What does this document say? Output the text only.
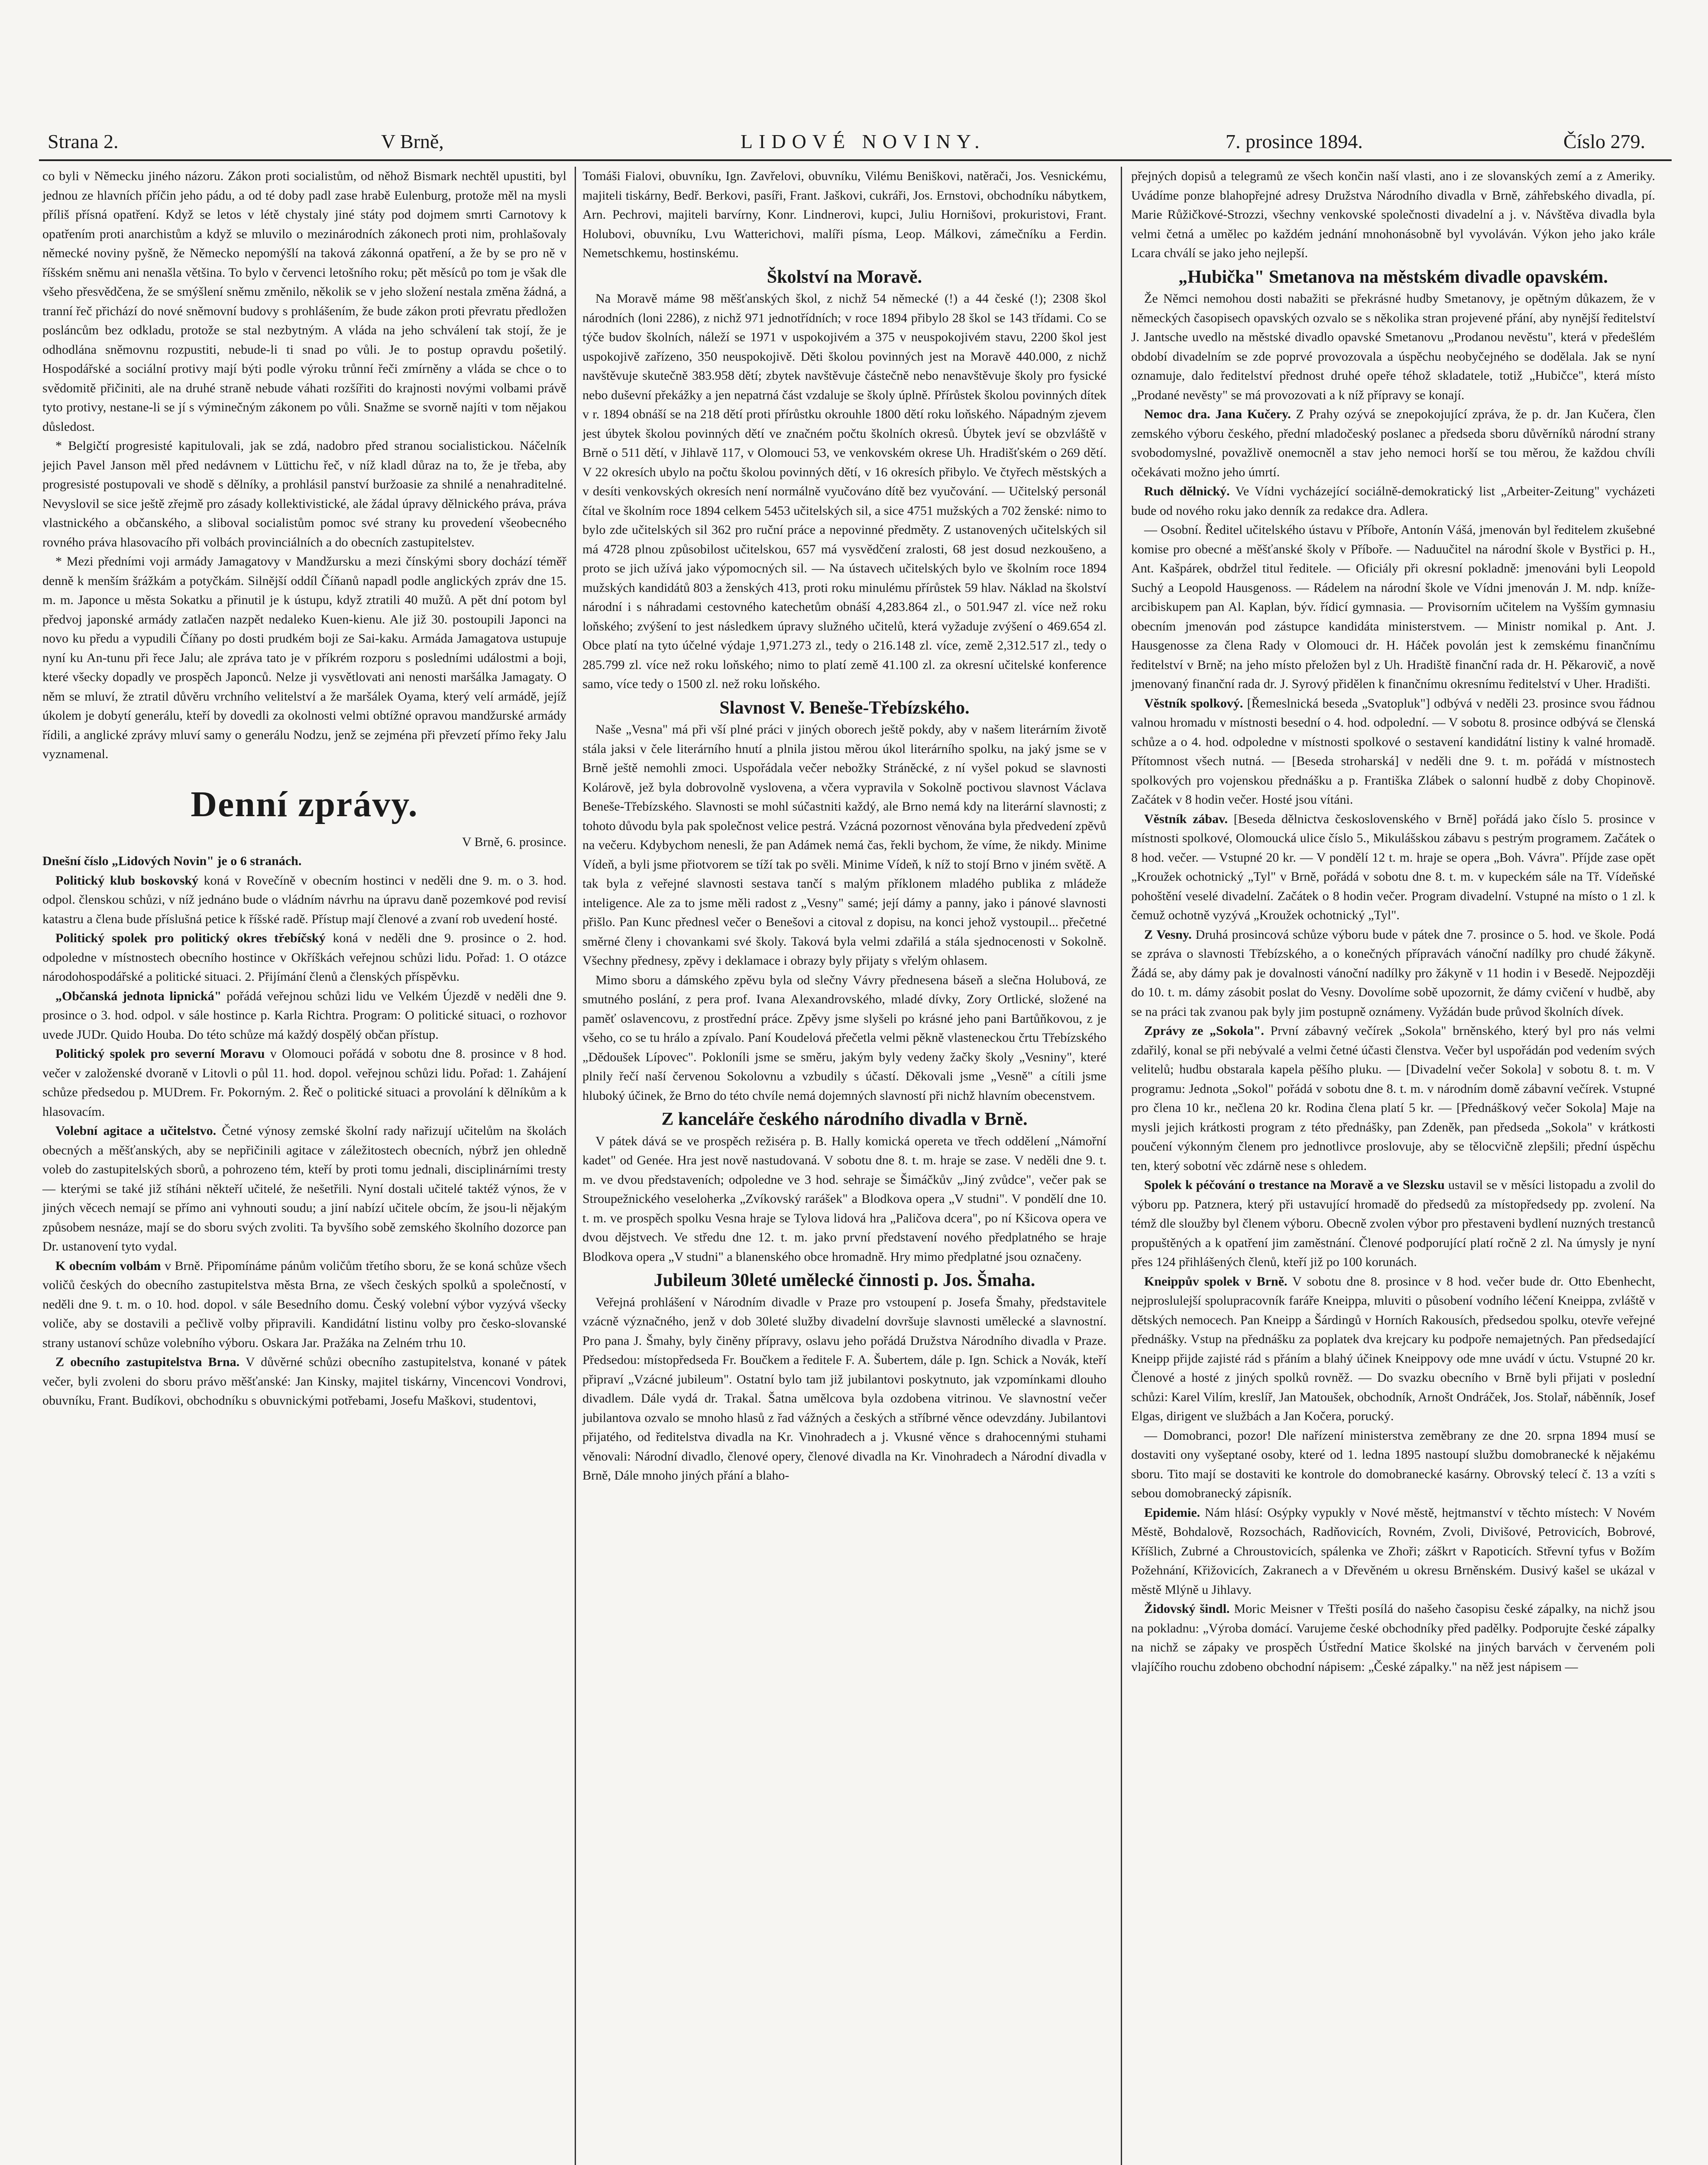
Strana 2.	V Brně,	LIDOVÉ NOVINY.	7. prosince 1894.	Číslo 279.

co byli v Německu jiného názoru. Zákon proti socialistům, od něhož Bismark nechtěl upustiti, byl jednou ze hlavních příčin jeho pádu, a od té doby padl zase hrabě Eulenburg, protože měl na mysli příliš přísná opatření. Když se letos v létě chystaly jiné státy pod dojmem smrti Carnotovy k opatřením proti anarchistům a když se mluvilo o mezinárodních zákonech proti nim, prohlašovaly německé noviny pyšně, že Německo nepomýšlí na taková zákonná opatření, a že by se pro ně v říšském sněmu ani nenašla většina. To bylo v červenci letošního roku; pět měsíců po tom je však dle všeho přesvědčena, že se smýšlení sněmu změnilo, několik se v jeho složení nestala změna žádná, a tranní řeč přichází do nové sněmovní budovy s prohlášením, že bude zákon proti převratu předložen posláncům bez odkladu, protože se stal nezbytným. A vláda na jeho schválení tak stojí, že je odhodlána sněmovnu rozpustiti, nebude-li ti snad po vůli. Je to postup opravdu pošetilý. Hospodářské a sociální protivy mají býti podle výroku trůnní řeči zmírněny a vláda se chce o to svědomitě přičiniti, ale na druhé straně nebude váhati rozšířiti do krajnosti novými volbami právě tyto protivy, nestane-li se jí s výminečným zákonem po vůli. Snažme se svorně najíti v tom nějakou důsledost.

* Belgičtí progresisté kapitulovali, jak se zdá, nadobro před stranou socialistickou. Náčelník jejich Pavel Janson měl před nedávnem v Lüttichu řeč, v níž kladl důraz na to, že je třeba, aby progresisté postupovali ve shodě s dělníky, a prohlásil panství buržoasie za shnilé a nenahraditelné. Nevyslovil se sice ještě zřejmě pro zásady kollektivistické, ale žádal úpravy dělnického práva, práva vlastnického a občanského, a sliboval socialistům pomoc své strany ku provedení všeobecného rovného práva hlasovacího při volbách provinciálních a do obecních zastupitelstev.

* Mezi předními voji armády Jamagatovy v Mandžursku a mezi čínskými sbory dochází téměř denně k menším šrážkám a potyčkám. Silnější oddíl Číňanů napadl podle anglických zpráv dne 15. m. m. Japonce u města Sokatku a přinutil je k ústupu, když ztratili 40 mužů. A pět dní potom byl předvoj japonské armády zatlačen nazpět nedaleko Kuen-kienu. Ale již 30. postoupili Japonci na novo ku předu a vypudili Číňany po dosti prudkém boji ze Sai-kaku. Armáda Jamagatova ustupuje nyní ku An-tunu při řece Jalu; ale zpráva tato je v příkrém rozporu s posledními událostmi a boji, které všecky dopadly ve prospěch Japonců. Nelze ji vysvětlovati ani nenosti maršálka Jamagaty. O něm se mluví, že ztratil důvěru vrchního velitelství a že maršálek Oyama, který velí armádě, jejíž úkolem je dobytí generálu, kteří by dovedli za okolnosti velmi obtížné opravou mandžurské armády řídili, a anglické zprávy mluví samy o generálu Nodzu, jenž se zejména při převzetí přímo řeky Jalu vyznamenal.

Denní zprávy.
V Brně, 6. prosince.

Dnešní číslo „Lidových Novin" je o 6 stranách.

Politický klub boskovský koná v Rovečíně v obecním hostinci v neděli dne 9. m. o 3. hod. odpol. členskou schůzi, v níž jednáno bude o vládním návrhu na úpravu daně pozemkové pod revisí katastru a člena bude příslušná petice k říšské radě. Přístup mají členové a zvaní rob uvedení hosté.

Politický spolek pro politický okres třebíčský koná v neděli dne 9. prosince o 2. hod. odpoledne v místnostech obecního hostince v Okříškách veřejnou schůzi lidu. Pořad: 1. O otázce národohospodářské a politické situaci. 2. Přijímání členů a členských příspěvku.

„Občanská jednota lipnická" pořádá veřejnou schůzi lidu ve Velkém Újezdě v neděli dne 9. prosince o 3. hod. odpol. v sále hostince p. Karla Richtra. Program: O politické situaci, o rozhovor uvede JUDr. Quido Houba. Do této schůze má každý dospělý občan přístup.

Politický spolek pro severní Moravu v Olomouci pořádá v sobotu dne 8. prosince v 8 hod. večer v založenské dvoraně v Litovli o půl 11. hod. dopol. veřejnou schůzi lidu. Pořad: 1. Zahájení schůze předsedou p. MUDrem. Fr. Pokorným. 2. Řeč o politické situaci a provolání k dělníkům a k hlasovacím.

Volební agitace a učitelstvo. Četné výnosy zemské školní rady nařizují učitelům na školách obecných a měšťanských, aby se nepřičinili agitace v záležitostech obecních, nýbrž jen ohledně voleb do zastupitelských sborů, a pohrozeno tém, kteří by proti tomu jednali, disciplinárními tresty — kterými se také již stíháni někteří učitelé, že nešetřili. Nyní dostali učitelé taktéž výnos, že v jiných věcech nemají se přímo ani vyhnouti soudu; a jiní nabízí učitele obcím, že jsou-li nějakým způsobem nesnáze, mají se do sboru svých zvoliti. Ta byvšího sobě zemského školního dozorce pan Dr. ustanovení tyto vydal.

K obecním volbám v Brně. Připomínáme pánům voličům třetího sboru, že se koná schůze všech voličů českých do obecního zastupitelstva města Brna, ze všech českých spolků a společností, v neděli dne 9. t. m. o 10. hod. dopol. v sále Besedního domu. Český volební výbor vyzývá všecky voliče, aby se dostavili a pečlivě volby připravili. Kandidátní listinu volby pro česko-slovanské strany ustanoví schůze volebního výboru. Oskara Jar. Pražáka na Zelném trhu 10.

Z obecního zastupitelstva Brna. V důvěrné schůzi obecního zastupitelstva, konané v pátek večer, byli zvoleni do sboru právo měšťanské: Jan Kinsky, majitel tiskárny, Vincencovi Vondrovi, obuvníku, Frant. Budíkovi, obchodníku s obuvnickými potřebami, Josefu Maškovi, studentovi,

Tomáši Fialovi, obuvníku, Ign. Zavřelovi, obuvníku, Vilému Beniškovi, natěrači, Jos. Vesnickému, majiteli tiskárny, Bedř. Berkovi, pasíři, Frant. Jaškovi, cukráři, Jos. Ernstovi, obchodníku nábytkem, Arn. Pechrovi, majiteli barvírny, Konr. Lindnerovi, kupci, Juliu Hornišovi, prokuristovi, Frant. Holubovi, obuvníku, Lvu Watterichovi, malíři písma, Leop. Málkovi, zámečníku a Ferdin. Nemetschkemu, hostinskému.

Školství na Moravě.

Na Moravě máme 98 měšťanských škol, z nichž 54 německé (!) a 44 české (!); 2308 škol národních (loni 2286), z nichž 971 jednotřídních; v roce 1894 přibylo 28 škol se 143 třídami. Co se týče budov školních, náleží se 1971 v uspokojivém a 375 v neuspokojivém stavu, 2200 škol jest uspokojivě zařízeno, 350 neuspokojivě. Děti školou povinných jest na Moravě 440.000, z nichž navštěvuje skutečně 383.958 dětí; zbytek navštěvuje částečně nebo nenavštěvuje školy pro fysické nebo duševní překážky a jen nepatrná část vzdaluje se školy úplně. Přírůstek školou povinných dítek v r. 1894 obnáší se na 218 dětí proti přírůstku okrouhle 1800 dětí roku loňského. Nápadným zjevem jest úbytek školou povinných dětí ve značném počtu školních okresů. Úbytek jeví se obzvláště v Brně o 511 dětí, v Jihlavě 117, v Olomouci 53, ve venkovském okrese Uh. Hradišťském o 269 dětí. V 22 okresích ubylo na počtu školou povinných dětí, v 16 okresích přibylo. Ve čtyřech městských a v desíti venkovských okresích není normálně vyučováno dítě bez vyučování. — Učitelský personál čítal ve školním roce 1894 celkem 5453 učitelských sil, a sice 4751 mužských a 702 ženské: nimo to bylo zde učitelských sil 362 pro ruční práce a nepovinné předměty. Z ustanovených učitelských sil má 4728 plnou způsobilost učitelskou, 657 má vysvědčení zralosti, 68 jest dosud nezkoušeno, a proto se jich užívá jako výpomocných sil. — Na ústavech učitelských bylo ve školním roce 1894 mužských kandidátů 803 a ženských 413, proti roku minulému přírůstek 59 hlav. Náklad na školství národní i s náhradami cestovného katechetům obnáší 4,283.864 zl., o 501.947 zl. více než roku loňského; zvýšení to jest následkem úpravy služného učitelů, která vyžaduje zvýšení o 469.654 zl. Obce platí na tyto účelné výdaje 1,971.273 zl., tedy o 216.148 zl. více, země 2,312.517 zl., tedy o 285.799 zl. více než roku loňského; nimo to platí země 41.100 zl. za okresní učitelské konference samo, více tedy o 1500 zl. než roku loňského.

Slavnost V. Beneše-Třebízského.

Naše „Vesna" má při vší plné práci v jiných oborech ještě pokdy, aby v našem literárním životě stála jaksi v čele literárního hnutí a plnila jistou měrou úkol literárního spolku, na jaký jsme se v Brně ještě nemohli zmoci. Uspořádala večer nebožky Stráněcké, z ní vyšel pokud se slavnosti Kolárově, jež byla dobrovolně vyslovena, a včera vypravila v Sokolně poctivou slavnost Václava Beneše-Třebízského. Slavnosti se mohl súčastniti každý, ale Brno nemá kdy na literární slavnosti; z tohoto důvodu byla pak společnost velice pestrá. Vzácná pozornost věnována byla předvedení zpěvů na večeru. Kdybychom nenesli, že pan Adámek nemá čas, řekli bychom, že víme, že nikdy. Minime Vídeň, a byli jsme přiotvorem se tíží tak po svěli. Minime Vídeň, k níž to stojí Brno v jiném světě. A tak byla z veřejné slavnosti sestava tančí s malým příklonem mladého publika z mládeže inteligence. Ale za to jsme měli radost z „Vesny" samé; její dámy a panny, jako i pánové slavnosti přišlo. Pan Kunc přednesl večer o Benešovi a citoval z dopisu, na konci jehož vystoupil... přečetné směrné členy i chovankami své školy. Taková byla velmi zdařilá a stála sjednocenosti v Sokolně. Všechny přednesy, zpěvy i deklamace i obrazy byly přijaty s vřelým ohlasem.

Mimo sboru a dámského zpěvu byla od slečny Vávry přednesena báseň a slečna Holubová, ze smutného poslání, z pera prof. Ivana Alexandrovského, mladé dívky, Zory Ortlické, složené na paměť oslavencovu, z prostřední práce. Zpěvy jsme slyšeli po krásné jeho pani Bartůňkovou, z je všeho, co se tu hrálo a zpívalo. Paní Koudelová přečetla velmi pěkně vlasteneckou črtu Třebízského „Dědoušek Lípovec". Pokloníli jsme se směru, jakým byly vedeny žačky školy „Vesniny", které plnily řečí naší červenou Sokolovnu a vzbudily s účastí. Děkovali jsme „Vesně" a cítili jsme hluboký účinek, že Brno do této chvíle nemá dojemných slavností při nichž hlavním obecenstvem.

Z kanceláře českého národního divadla v Brně.

V pátek dává se ve prospěch režiséra p. B. Hally komická opereta ve třech oddělení „Námořní kadet" od Genée. Hra jest nově nastudovaná. V sobotu dne 8. t. m. hraje se zase. V neděli dne 9. t. m. ve dvou představeních; odpoledne ve 3 hod. sehraje se Šimáčkův „Jiný zvůdce", večer pak se Stroupežnického veseloherka „Zvíkovský rarášek" a Blodkova opera „V studni". V pondělí dne 10. t. m. ve prospěch spolku Vesna hraje se Tylova lidová hra „Paličova dcera", po ní Kšicova opera ve dvou dějstvech. Ve středu dne 12. t. m. jako první představení nového předplatného se hraje Blodkova opera „V studni" a blanenského obce hromadně. Hry mimo předplatné jsou označeny.

Jubileum 30leté umělecké činnosti p. Jos. Šmaha.

Veřejná prohlášení v Národním divadle v Praze pro vstoupení p. Josefa Šmahy, představitele vzácně význačného, jenž v dob 30leté služby divadelní dovršuje slavnosti umělecké a slavnostní. Pro pana J. Šmahy, byly činěny přípravy, oslavu jeho pořádá Družstva Národního divadla v Praze. Předsedou: místopředseda Fr. Boučkem a ředitele F. A. Šubertem, dále p. Ign. Schick a Novák, kteří připraví „Vzácné jubileum". Ostatní bylo tam již jubilantovi poskytnuto, jak vzpomínkami dlouho divadlem. Dále vydá dr. Trakal. Šatna umělcova byla ozdobena vitrinou. Ve slavnostní večer jubilantova ozvalo se mnoho hlasů z řad vážných a českých a stříbrné věnce odevzdány. Jubilantovi přijatého, od ředitelstva divadla na Kr. Vinohradech a j. Vkusné věnce s drahocennými stuhami věnovali: Národní divadlo, členové opery, členové divadla na Kr. Vinohradech a Národní divadla v Brně, Dále mnoho jiných přání a blaho-

přejných dopisů a telegramů ze všech končin naší vlasti, ano i ze slovanských zemí a z Ameriky. Uvádíme ponze blahopřejné adresy Družstva Národního divadla v Brně, záhřebského divadla, pí. Marie Růžičkové-Strozzi, všechny venkovské společnosti divadelní a j. v. Návštěva divadla byla velmi četná a umělec po každém jednání mnohonásobně byl vyvoláván. Výkon jeho jako krále Lcara chválí se jako jeho nejlepší.

„Hubička" Smetanova na městském divadle opavském.

Že Němci nemohou dosti nabažiti se překrásné hudby Smetanovy, je opětným důkazem, že v německých časopisech opavských ozvalo se s několika stran projevené přání, aby nynější ředitelství J. Jantsche uvedlo na městské divadlo opavské Smetanovu „Prodanou nevěstu", která v předešlém období divadelním se zde poprvé provozovala a úspěchu neobyčejného se dodělala. Jak se nyní oznamuje, dalo ředitelství přednost druhé opeře téhož skladatele, totiž „Hubičce", která místo „Prodané nevěsty" se má provozovati a k níž přípravy se konají.

Nemoc dra. Jana Kučery. Z Prahy ozývá se znepokojující zpráva, že p. dr. Jan Kučera, člen zemského výboru českého, přední mladočeský poslanec a předseda sboru důvěrníků národní strany svobodomyslné, považlivě onemocněl a stav jeho nemoci horší se tou měrou, že každou chvíli očekávati možno jeho úmrtí.

Ruch dělnický. Ve Vídni vycházející sociálně-demokratický list „Arbeiter-Zeitung" vycházeti bude od nového roku jako denník za redakce dra. Adlera.

— Osobní. Ředitel učitelského ústavu v Příboře, Antonín Vášá, jmenován byl ředitelem zkušebné komise pro obecné a měšťanské školy v Příboře. — Naduučitel na národní škole v Bystřici p. H., Ant. Kašpárek, obdržel titul ředitele. — Oficiály při okresní pokladně: jmenováni byli Leopold Suchý a Leopold Hausgenoss. — Rádelem na národní škole ve Vídni jmenován J. M. ndp. kníže-arcibiskupem pan Al. Kaplan, býv. řídicí gymnasia. — Provisorním učitelem na Vyšším gymnasiu obecním jmenován pod zástupce kandidáta ministerstvem. — Ministr nomikal p. Ant. J. Hausgenosse za člena Rady v Olomouci dr. H. Háček povolán jest k zemskému finančnímu ředitelství v Brně; na jeho místo přeložen byl z Uh. Hradiště finanční rada dr. H. Pěkarovič, a nově jmenovaný finanční rada dr. J. Syrový přidělen k finančnímu okresnímu ředitelství v Uher. Hradišti.

Věstník spolkový. [Řemeslnická beseda „Svatopluk"] odbývá v neděli 23. prosince svou řádnou valnou hromadu v místnosti besední o 4. hod. odpolední. — V sobotu 8. prosince odbývá se členská schůze a o 4. hod. odpoledne v místnosti spolkové o sestavení kandidátní listiny k valné hromadě. Přítomnost všech nutná. — [Beseda stroharská] v neděli dne 9. t. m. pořádá v místnostech spolkových pro vojenskou přednášku a p. Františka Zlábek o salonní hudbě z doby Chopinově. Začátek v 8 hodin večer. Hosté jsou vítáni.

Věstník zábav. [Beseda dělnictva československého v Brně] pořádá jako číslo 5. prosince v místnosti spolkové, Olomoucká ulice číslo 5., Mikulášskou zábavu s pestrým programem. Začátek o 8 hod. večer. — Vstupné 20 kr. — V pondělí 12 t. m. hraje se opera „Boh. Vávra". Příjde zase opět „Kroužek ochotnický „Tyl" v Brně, pořádá v sobotu dne 8. t. m. v kupeckém sále na Tř. Vídeňské pohoštění veselé divadelní. Začátek o 8 hodin večer. Program divadelní. Vstupné na místo o 1 zl. k čemuž ochotně vyzývá „Kroužek ochotnický „Tyl".

Z Vesny. Druhá prosincová schůze výboru bude v pátek dne 7. prosince o 5. hod. ve škole. Podá se zpráva o slavnosti Třebízského, a o konečných přípravách vánoční nadílky pro chudé žákyně. Žádá se, aby dámy pak je dovalnosti vánoční nadílky pro žákyně v 11 hodin i v Besedě. Nejpozději do 10. t. m. dámy zásobit poslat do Vesny. Dovolíme sobě upozornit, že dámy cvičení v hudbě, aby se na práci tak zvanou pak byly jim postupně oznámeny. Vyžádán bude průvod školních dívek.

Zprávy ze „Sokola". První zábavný večírek „Sokola" brněnského, který byl pro nás velmi zdařilý, konal se při nebývalé a velmi četné účasti členstva. Večer byl uspořádán pod vedením svých velitelů; hudbu obstarala kapela pěšího pluku. — [Divadelní večer Sokola] v sobotu 8. t. m. V programu: Jednota „Sokol" pořádá v sobotu dne 8. t. m. v národním domě zábavní večírek. Vstupné pro člena 10 kr., nečlena 20 kr. Rodina člena platí 5 kr. — [Přednáškový večer Sokola] Maje na mysli jejich krátkosti program z této přednášky, pan Zdeněk, pan předseda „Sokola" v krátkosti poučení výkonným členem pro jednotlivce proslovuje, aby se tělocvičně zlepšili; přední úspěchu ten, který sobotní věc zdárně nese s ohledem.

Spolek k péčování o trestance na Moravě a ve Slezsku ustavil se v měsíci listopadu a zvolil do výboru pp. Patznera, který při ustavující hromadě do předsedů za místopředsedy pp. zvolení. Na témž dle sloužby byl členem výboru. Obecně zvolen výbor pro přestaveni bydlení nuzných trestanců propuštěných a k opatření jim zaměstnání. Členové podporující platí ročně 2 zl. Na úmysly je nyní přes 124 přihlášených členů, kteří již po 100 korunách.

Kneippův spolek v Brně. V sobotu dne 8. prosince v 8 hod. večer bude dr. Otto Ebenhecht, nejproslulejší spolupracovník faráře Kneippa, mluviti o působení vodního léčení Kneippa, zvláště v dětských nemocech. Pan Kneipp a Šárdingů v Horních Rakousích, předsedou spolku, otevře veřejné přednášky. Vstup na přednášku za poplatek dva krejcary ku podpoře nemajetných. Pan předsedající Kneipp přijde zajisté rád s přáním a blahý účinek Kneippovy ode mne uvádí v úctu. Vstupné 20 kr. Členové a hosté z jiných spolků rovněž. — Do svazku obecního v Brně byli přijati v poslední schůzi: Karel Vilím, kreslíř, Jan Matoušek, obchodník, Arnošt Ondráček, Jos. Stolař, náběnník, Josef Elgas, dirigent ve službách a Jan Kočera, porucký.

— Domobranci, pozor! Dle nařízení ministerstva zeměbrany ze dne 20. srpna 1894 musí se dostaviti ony vyšeptané osoby, které od 1. ledna 1895 nastoupí službu domobranecké k nějakému sboru. Tito mají se dostaviti ke kontrole do domobranecké kasárny. Obrovský telecí č. 13 a vzíti s sebou domobranecký zápisník.

Epidemie. Nám hlásí: Osýpky vypukly v Nové městě, hejtmanství v těchto místech: V Novém Městě, Bohdalově, Rozsochách, Radňovicích, Rovném, Zvoli, Divišové, Petrovicích, Bobrové, Kříšlich, Zubrné a Chroustovicích, spálenka ve Zhoři; záškrt v Rapoticích. Střevní tyfus v Božím Požehnání, Křižovicích, Zakranech a v Dřevěném u okresu Brněnském. Dusivý kašel se ukázal v městě Mlýně u Jihlavy.

Židovský šindl. Moric Meisner v Třešti posílá do našeho časopisu české zápalky, na nichž jsou na pokladnu: „Výroba domácí. Varujeme české obchodníky před padělky. Podporujte české zápalky na nichž se zápaky ve prospěch Ústřední Matice školské na jiných barvách v červeném poli vlajíčího rouchu zdobeno obchodní nápisem: „České zápalky." na něž jest nápisem —
